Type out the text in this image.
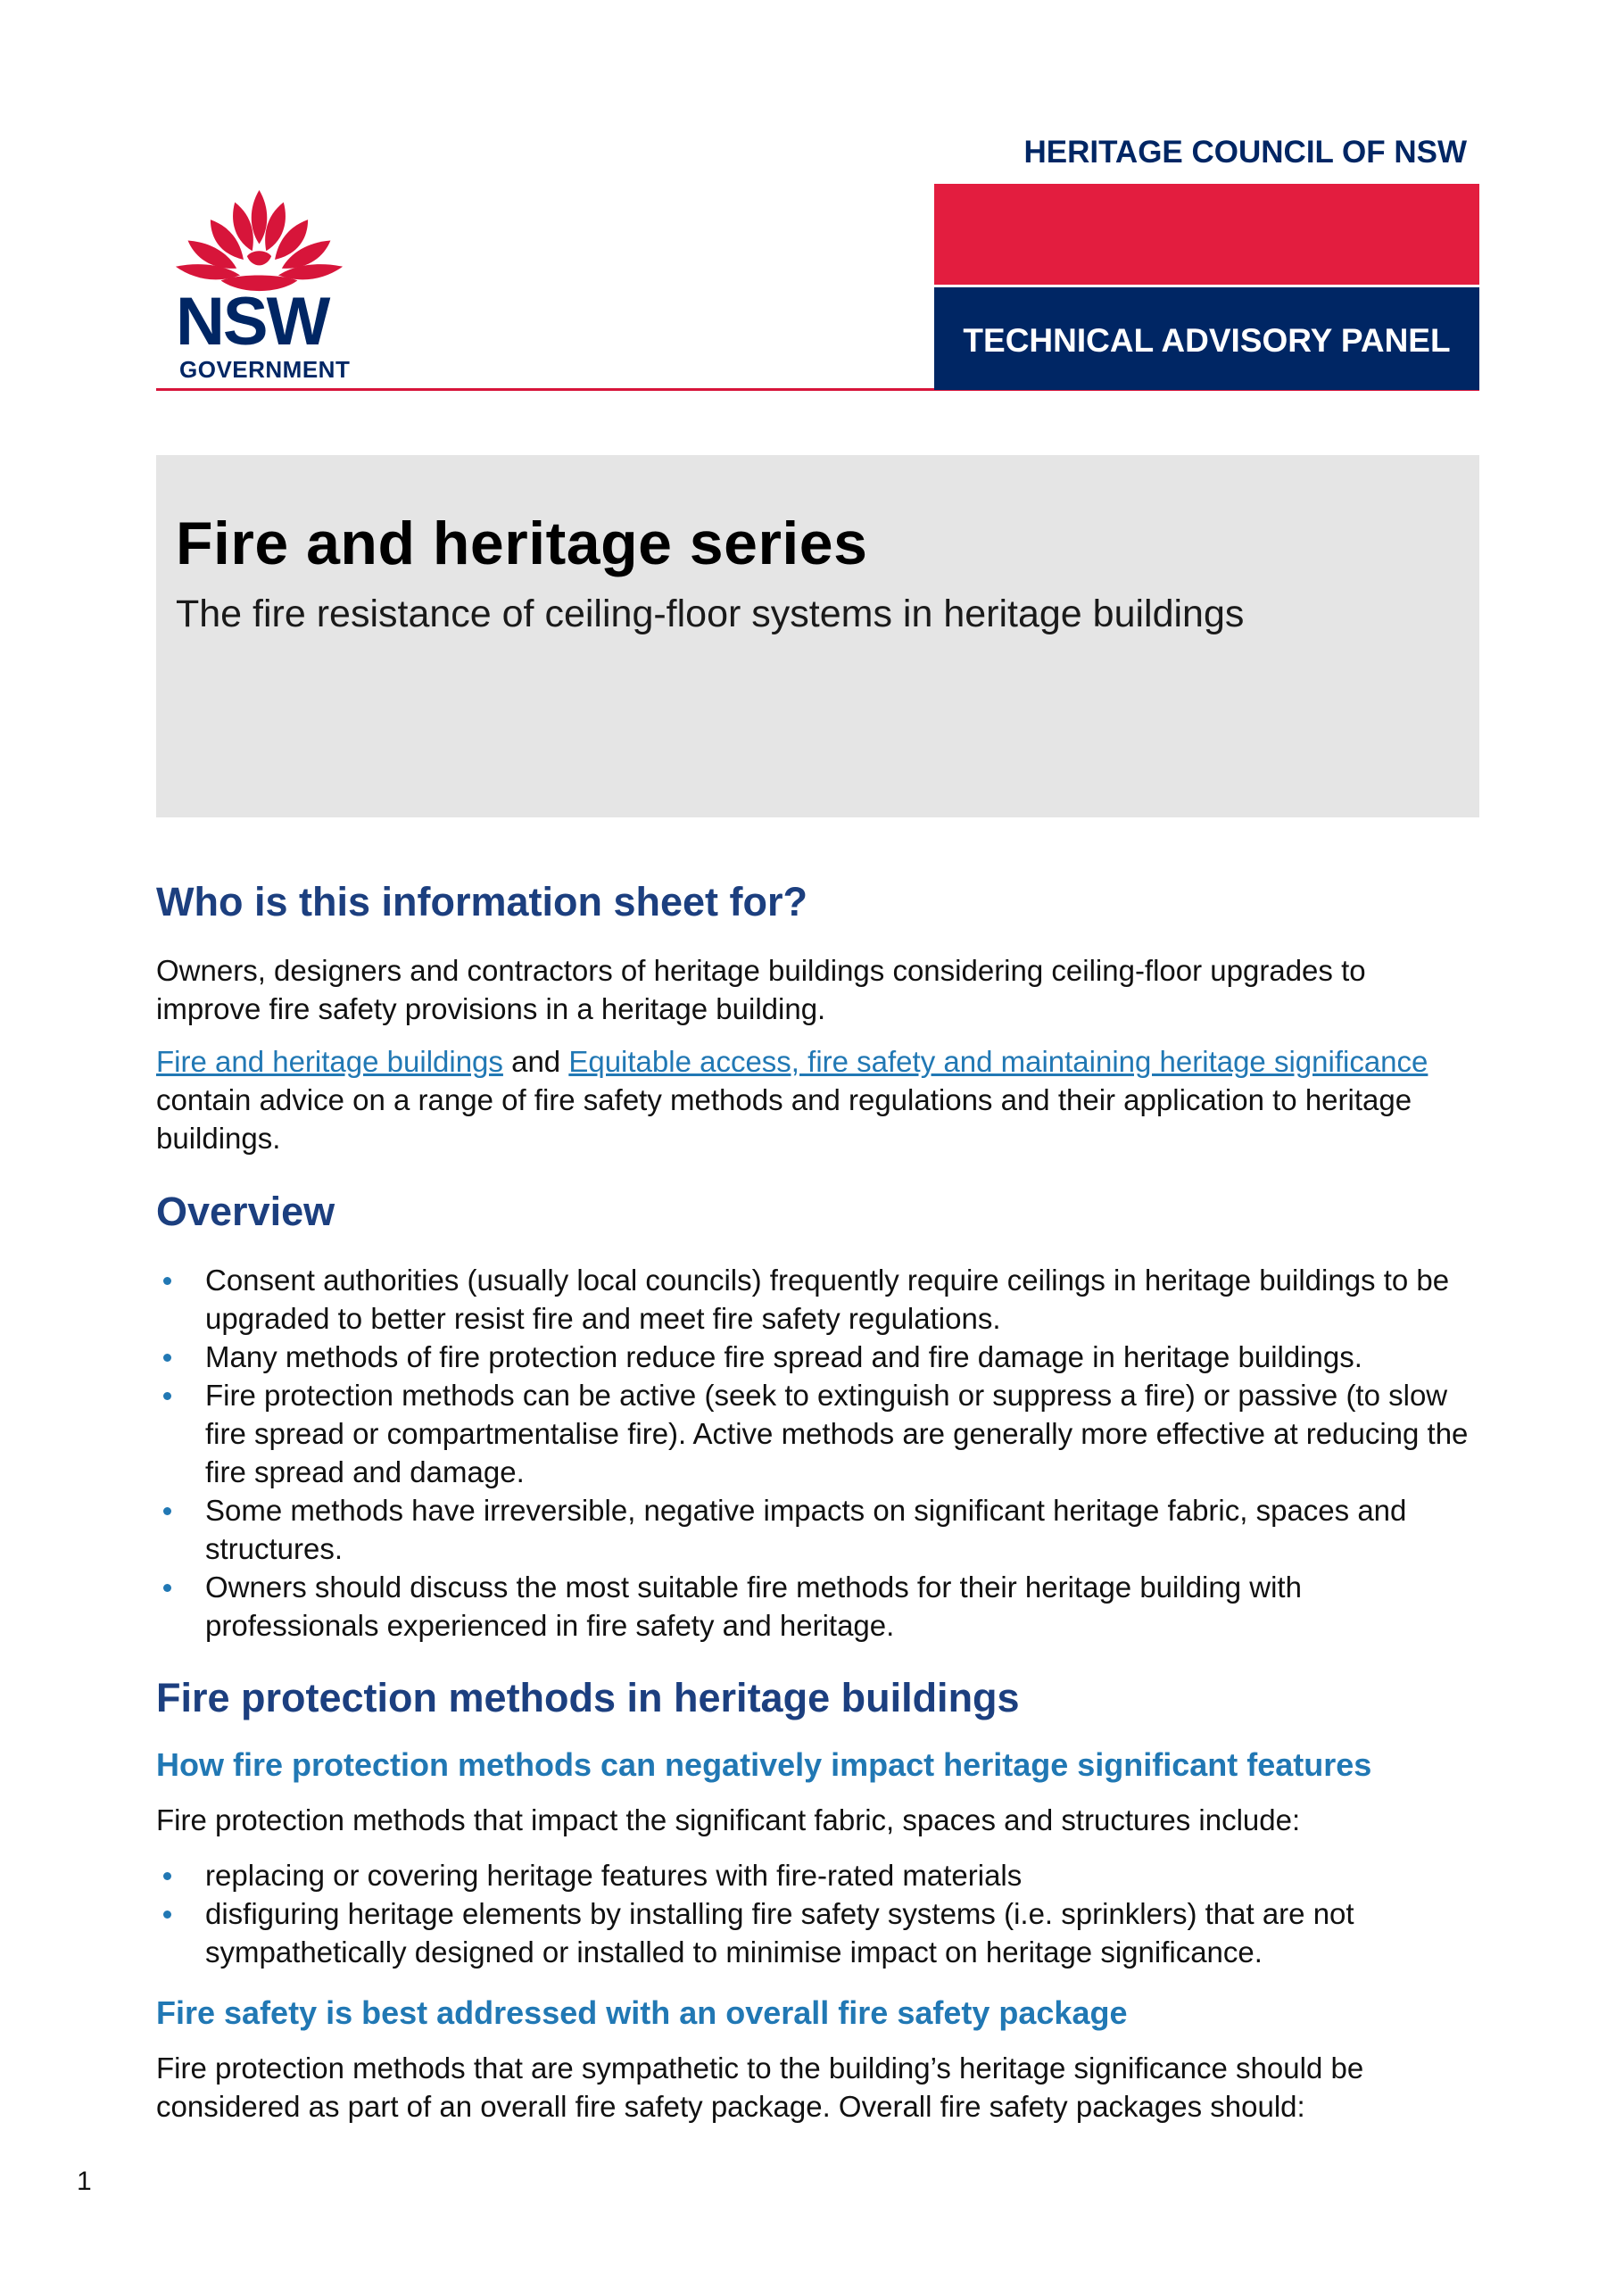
NSW
GOVERNMENT
HERITAGE COUNCIL OF NSW
TECHNICAL ADVISORY PANEL
Fire and heritage series
The fire resistance of ceiling-floor systems in heritage buildings
Who is this information sheet for?
Owners, designers and contractors of heritage buildings considering ceiling-floor upgrades to improve fire safety provisions in a heritage building.
Fire and heritage buildings and Equitable access, fire safety and maintaining heritage significance contain advice on a range of fire safety methods and regulations and their application to heritage buildings.
Overview
Consent authorities (usually local councils) frequently require ceilings in heritage buildings to be upgraded to better resist fire and meet fire safety regulations.
Many methods of fire protection reduce fire spread and fire damage in heritage buildings.
Fire protection methods can be active (seek to extinguish or suppress a fire) or passive (to slow fire spread or compartmentalise fire). Active methods are generally more effective at reducing the fire spread and damage.
Some methods have irreversible, negative impacts on significant heritage fabric, spaces and structures.
Owners should discuss the most suitable fire methods for their heritage building with professionals experienced in fire safety and heritage.
Fire protection methods in heritage buildings
How fire protection methods can negatively impact heritage significant features
Fire protection methods that impact the significant fabric, spaces and structures include:
replacing or covering heritage features with fire-rated materials
disfiguring heritage elements by installing fire safety systems (i.e. sprinklers) that are not sympathetically designed or installed to minimise impact on heritage significance.
Fire safety is best addressed with an overall fire safety package
Fire protection methods that are sympathetic to the building’s heritage significance should be considered as part of an overall fire safety package. Overall fire safety packages should:
1
